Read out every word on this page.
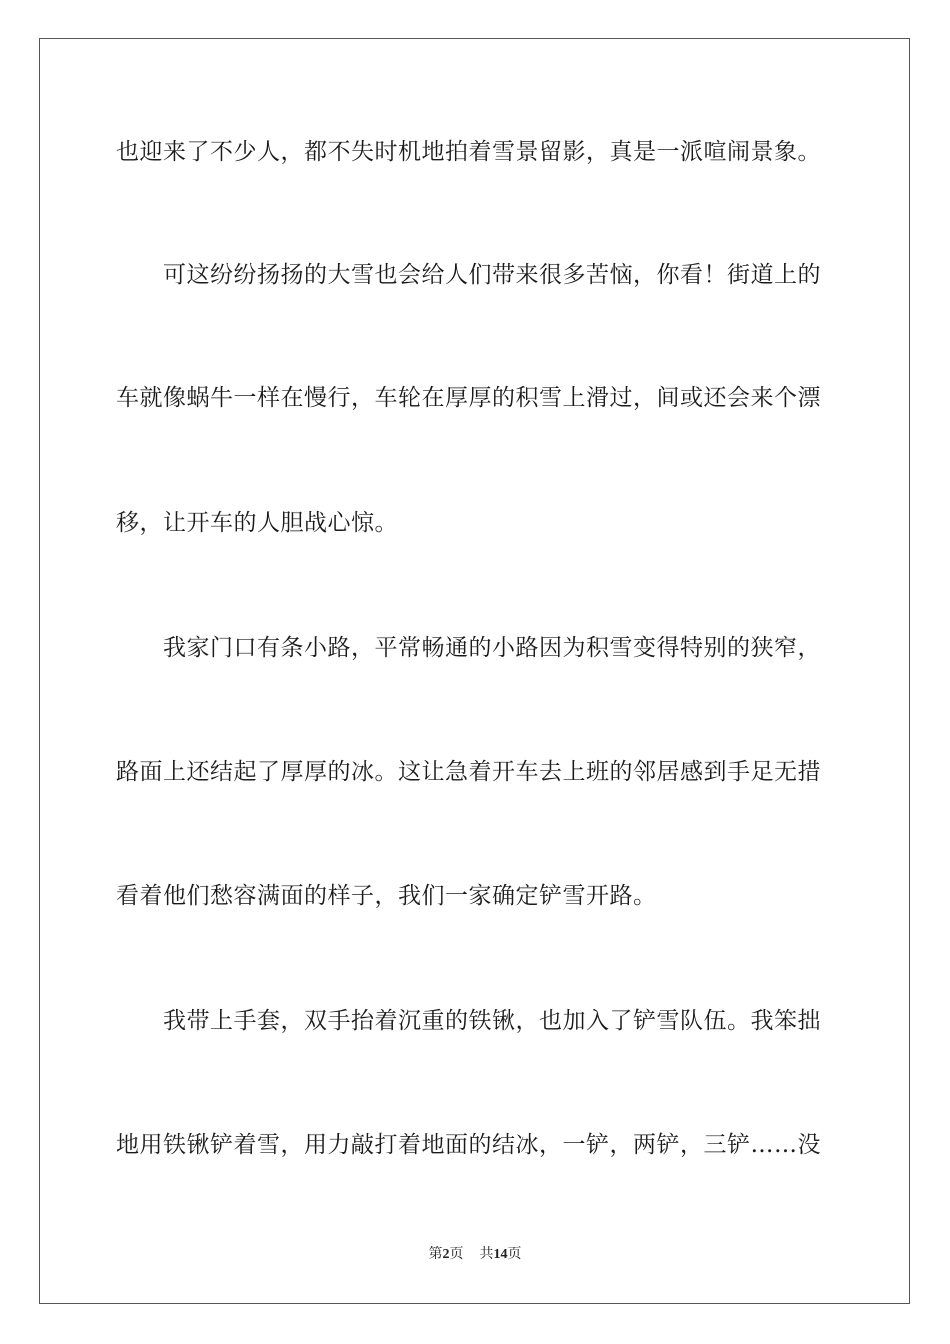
也迎来了不少人，都不失时机地拍着雪景留影，真是一派喧闹景象。
可这纷纷扬扬的大雪也会给人们带来很多苦恼，你看！街道上的
车就像蜗牛一样在慢行，车轮在厚厚的积雪上滑过，间或还会来个漂
移，让开车的人胆战心惊。
我家门口有条小路，平常畅通的小路因为积雪变得特别的狭窄，
路面上还结起了厚厚的冰。这让急着开车去上班的邻居感到手足无措
看着他们愁容满面的样子，我们一家确定铲雪开路。
我带上手套，双手抬着沉重的铁锹，也加入了铲雪队伍。我笨拙
地用铁锹铲着雪，用力敲打着地面的结冰，一铲，两铲，三铲……没
第2页 共14页
